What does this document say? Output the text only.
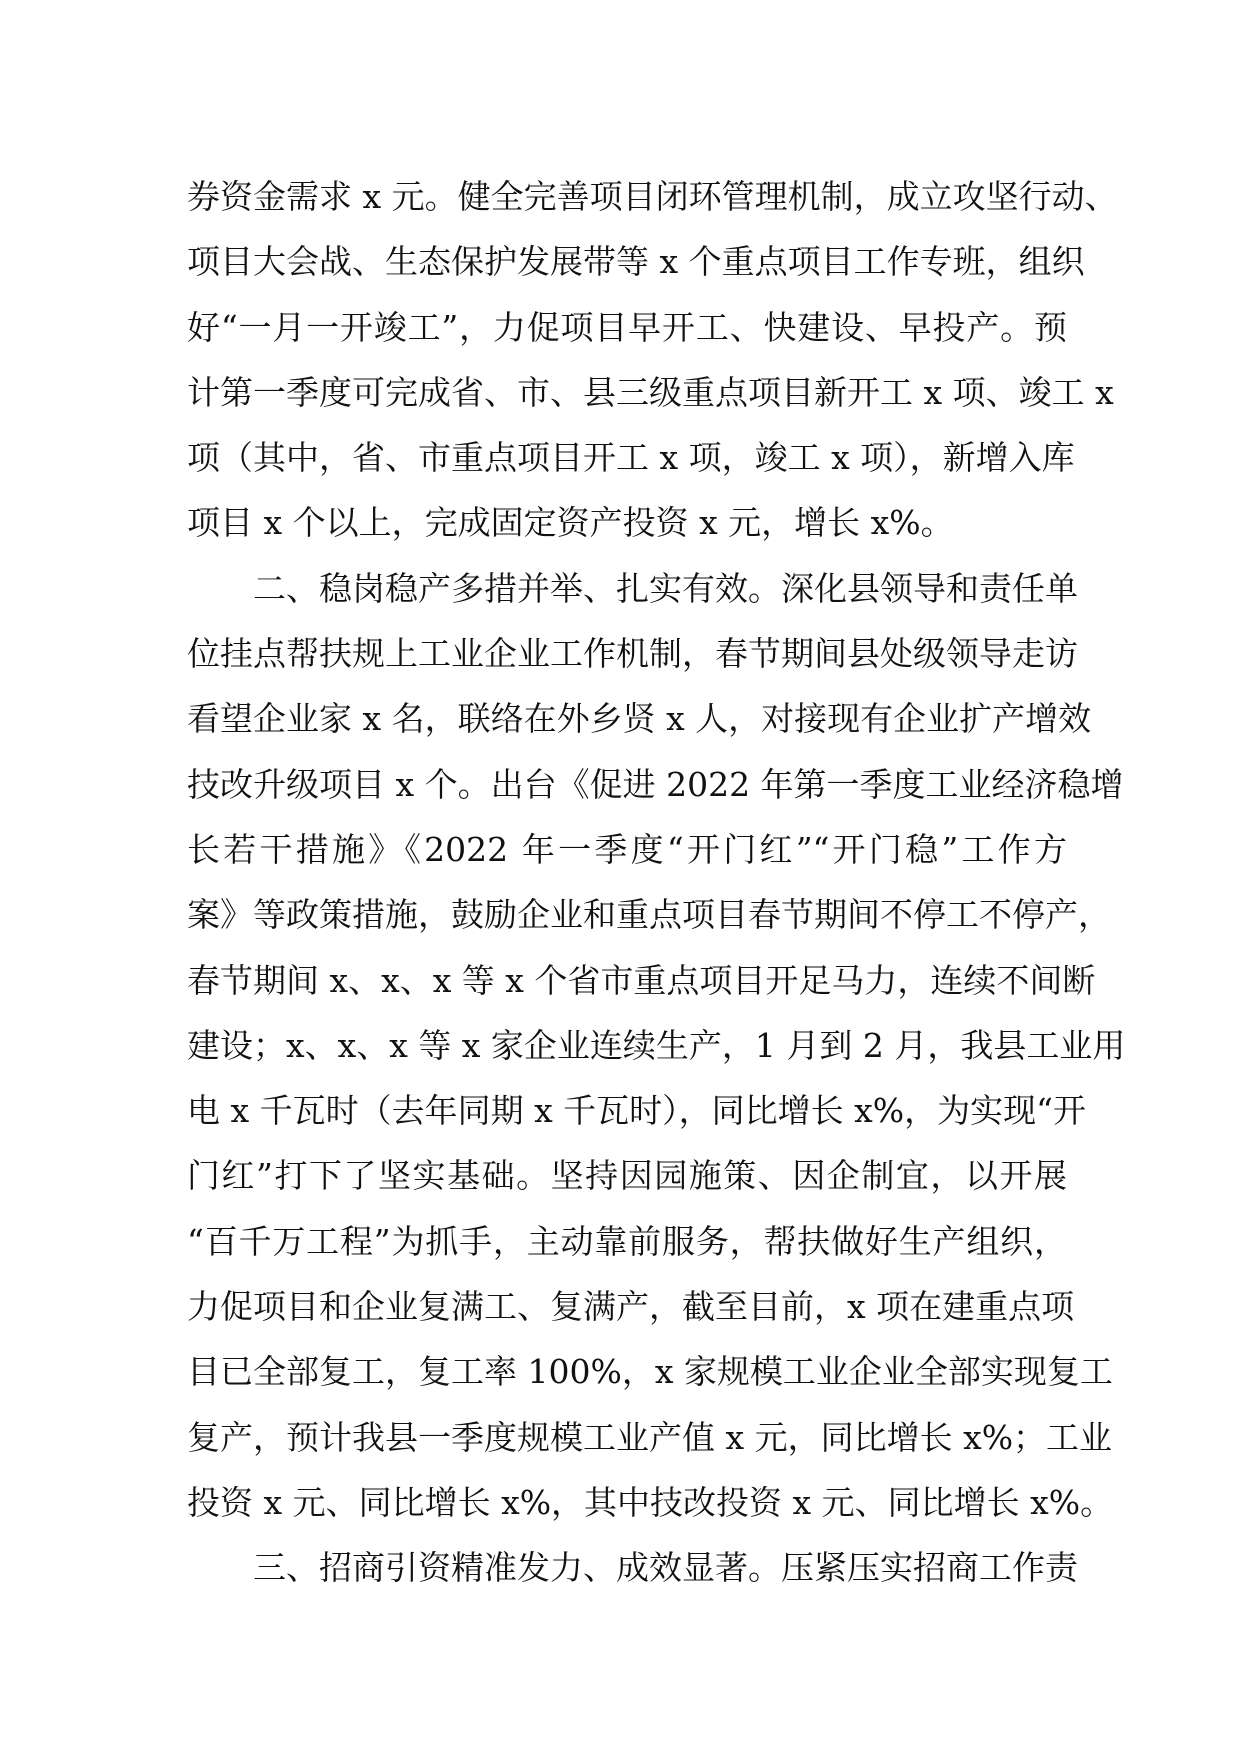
券资金需求 x 元。健全完善项目闭环管理机制，成立攻坚行动、
项目大会战、生态保护发展带等 x 个重点项目工作专班，组织
好“一月一开竣工”，力促项目早开工、快建设、早投产。预
计第一季度可完成省、市、县三级重点项目新开工 x 项、竣工 x
项（其中，省、市重点项目开工 x 项，竣工 x 项），新增入库
项目 x 个以上，完成固定资产投资 x 元，增长 x%。
二、稳岗稳产多措并举、扎实有效。深化县领导和责任单
位挂点帮扶规上工业企业工作机制，春节期间县处级领导走访
看望企业家 x 名，联络在外乡贤 x 人，对接现有企业扩产增效
技改升级项目 x 个。出台《促进 2022 年第一季度工业经济稳增
长若干措施》《2022 年一季度“开门红”“开门稳”工作方
案》等政策措施，鼓励企业和重点项目春节期间不停工不停产，
春节期间 x、x、x 等 x 个省市重点项目开足马力，连续不间断
建设；x、x、x 等 x 家企业连续生产，1 月到 2 月，我县工业用
电 x 千瓦时（去年同期 x 千瓦时），同比增长 x%，为实现“开
门红”打下了坚实基础。坚持因园施策、因企制宜，以开展
“百千万工程”为抓手，主动靠前服务，帮扶做好生产组织，
力促项目和企业复满工、复满产，截至目前，x 项在建重点项
目已全部复工，复工率 100%，x 家规模工业企业全部实现复工
复产，预计我县一季度规模工业产值 x 元，同比增长 x%；工业
投资 x 元、同比增长 x%，其中技改投资 x 元、同比增长 x%。
三、招商引资精准发力、成效显著。压紧压实招商工作责
